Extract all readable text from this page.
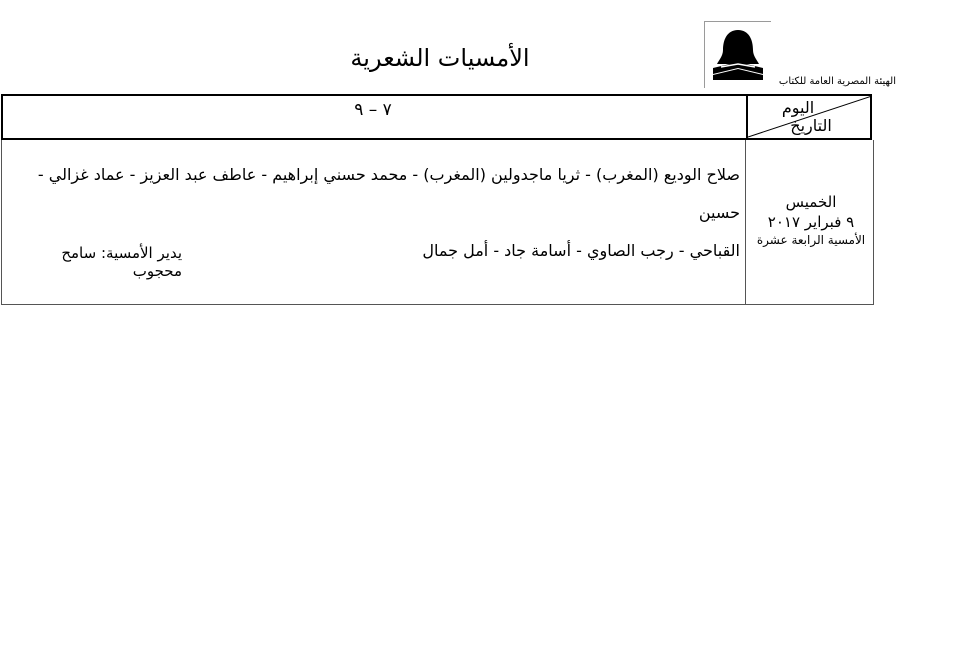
الهيئة المصرية العامة للكتاب
الأمسيات الشعرية
٧ – ٩	اليوم
التاريخ
صلاح الوديع (المغرب) - ثريا ماجدولين (المغرب) - محمد حسني إبراهيم - عاطف عبد العزيز - عماد غزالي - حسين
القباحي - رجب الصاوي - أسامة جاد - أمل جمال
يدير الأمسية: سامح محجوب
الخميس
٩ فبراير ٢٠١٧
الأمسية الرابعة عشرة
